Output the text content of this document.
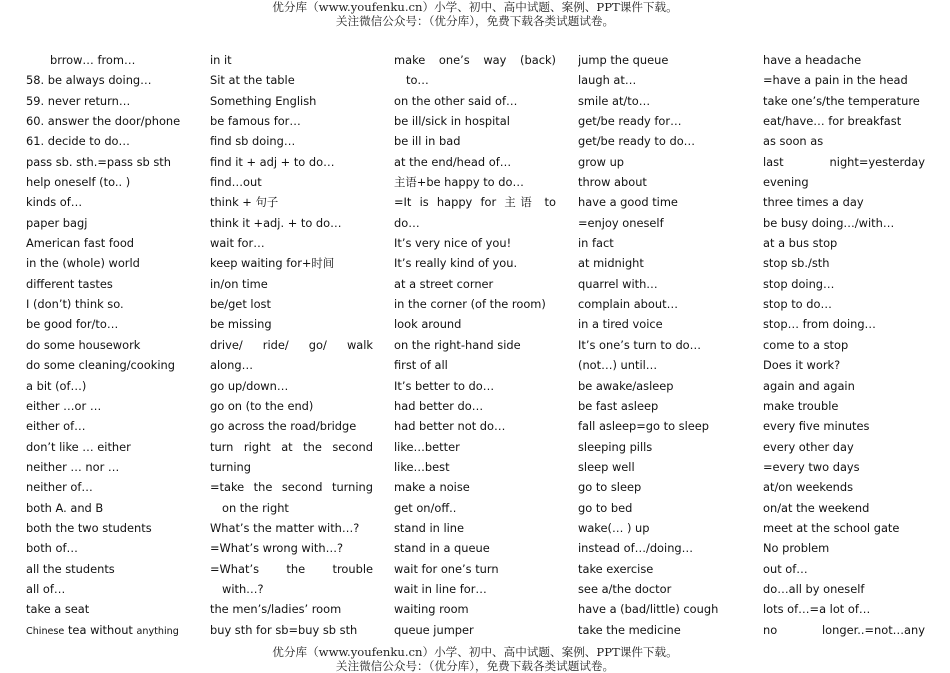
优分库（www.youfenku.cn）小学、初中、高中试题、案例、PPT课件下载。
关注微信公众号：（优分库），免费下载各类试题试卷。
brrow… from…
58. be always doing…
59. never return…
60. answer the door/phone
61. decide to do…
pass sb. sth.=pass sb sth
help oneself (to.. )
kinds of…
paper bagj
American fast food
in the (whole) world
different tastes
I (don’t) think so.
be good for/to…
do some housework
do some cleaning/cooking
a bit (of…)
either …or …
either of…
don’t like … either
neither … nor …
neither of…
both A. and B
both the two students
both of…
all the students
all of…
take a seat
Chinese tea without anything
in it
Sit at the table
Something English
be famous for…
find sb doing…
find it + adj + to do…
find…out
think + 句子
think it +adj. + to do…
wait for…
keep waiting for+时间
in/on time
be/get lost
be missing
drive/ ride/ go/ walk
along…
go up/down…
go on (to the end)
go across the road/bridge
turn right at the second
turning
=take the second turning
on the right
What’s the matter with…?
=What’s wrong with…?
=What’s the trouble
with…?
the men’s/ladies’ room
buy sth for sb=buy sb sth
make one’s way (back)
to…
on the other said of…
be ill/sick in hospital
be ill in bad
at the end/head of…
主语+be happy to do…
=It is happy for 主语 to
do…
It’s very nice of you!
It’s really kind of you.
at a street corner
in the corner (of the room)
look around
on the right-hand side
first of all
It’s better to do…
had better do…
had better not do…
like…better
like…best
make a noise
get on/off..
stand in line
stand in a queue
wait for one’s turn
wait in line for…
waiting room
queue jumper
jump the queue
laugh at…
smile at/to…
get/be ready for…
get/be ready to do…
grow up
throw about
have a good time
=enjoy oneself
in fact
at midnight
quarrel with…
complain about…
in a tired voice
It’s one’s turn to do…
(not…) until…
be awake/asleep
be fast asleep
fall asleep=go to sleep
sleeping pills
sleep well
go to sleep
go to bed
wake(… ) up
instead of…/doing…
take exercise
see a/the doctor
have a (bad/little) cough
take the medicine
have a headache
=have a pain in the head
take one’s/the temperature
eat/have… for breakfast
as soon as
last night=yesterday
evening
three times a day
be busy doing…/with…
at a bus stop
stop sb./sth
stop doing…
stop to do…
stop… from doing…
come to a stop
Does it work?
again and again
make trouble
every five minutes
every other day
=every two days
at/on weekends
on/at the weekend
meet at the school gate
No problem
out of…
do…all by oneself
lots of…=a lot of…
no longer..=not…any
优分库（www.youfenku.cn）小学、初中、高中试题、案例、PPT课件下载。
关注微信公众号：（优分库），免费下载各类试题试卷。
